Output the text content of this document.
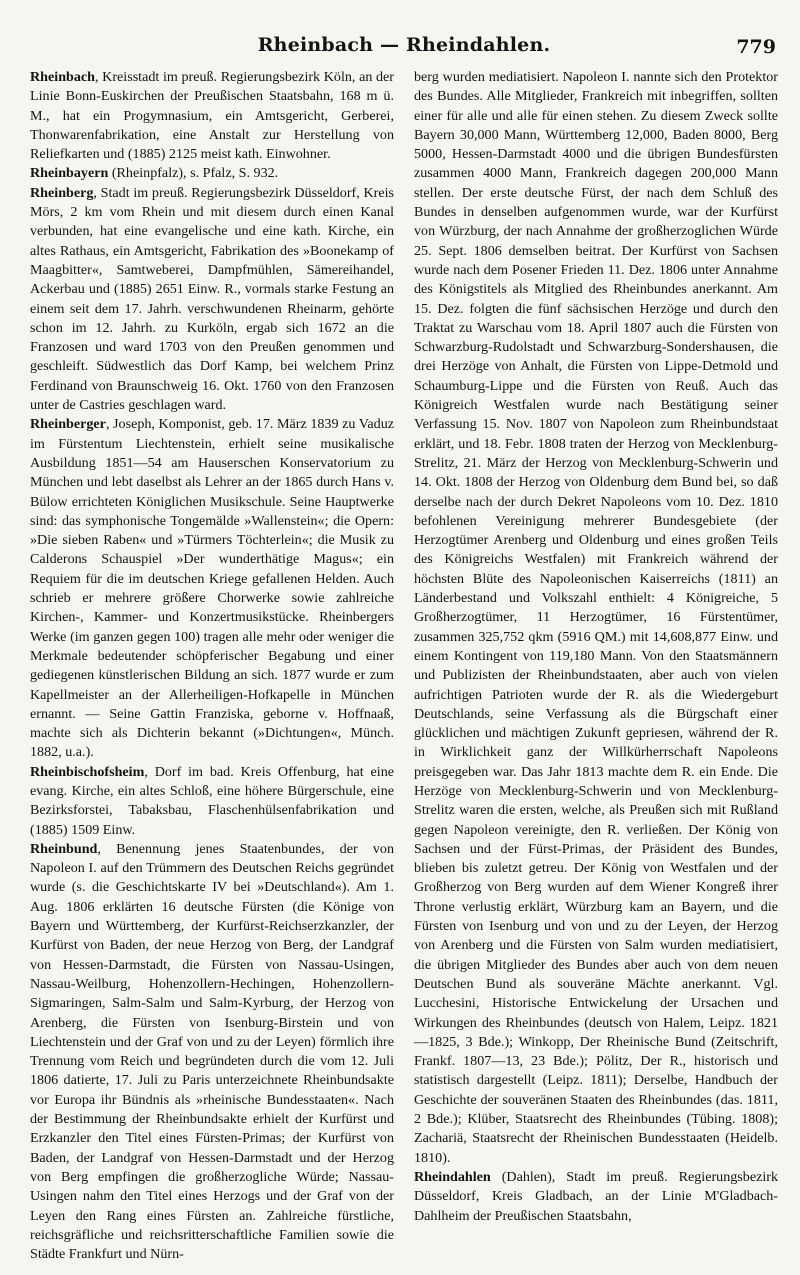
Rheinbach — Rheindahlen.	779

Rheinbach, Kreisstadt im preuß. Regierungsbezirk Köln, an der Linie Bonn-Euskirchen der Preußischen Staatsbahn, 168 m ü. M., hat ein Progymnasium, ein Amtsgericht, Gerberei, Thonwarenfabrikation, eine Anstalt zur Herstellung von Reliefkarten und (1885) 2125 meist kath. Einwohner.

Rheinbayern (Rheinpfalz), s. Pfalz, S. 932.

Rheinberg, Stadt im preuß. Regierungsbezirk Düsseldorf, Kreis Mörs, 2 km vom Rhein und mit diesem durch einen Kanal verbunden, hat eine evangelische und eine kath. Kirche, ein altes Rathaus, ein Amtsgericht, Fabrikation des »Boonekamp of Maagbitter«, Samtweberei, Dampfmühlen, Sämereihandel, Ackerbau und (1885) 2651 Einw. R., vormals starke Festung an einem seit dem 17. Jahrh. verschwundenen Rheinarm, gehörte schon im 12. Jahrh. zu Kurköln, ergab sich 1672 an die Franzosen und ward 1703 von den Preußen genommen und geschleift. Südwestlich das Dorf Kamp, bei welchem Prinz Ferdinand von Braunschweig 16. Okt. 1760 von den Franzosen unter de Castries geschlagen ward.

Rheinberger, Joseph, Komponist, geb. 17. März 1839 zu Vaduz im Fürstentum Liechtenstein, erhielt seine musikalische Ausbildung 1851—54 am Hauserschen Konservatorium zu München und lebt daselbst als Lehrer an der 1865 durch Hans v. Bülow errichteten Königlichen Musikschule. Seine Hauptwerke sind: das symphonische Tongemälde »Wallenstein«; die Opern: »Die sieben Raben« und »Türmers Töchterlein«; die Musik zu Calderons Schauspiel »Der wunderthätige Magus«; ein Requiem für die im deutschen Kriege gefallenen Helden. Auch schrieb er mehrere größere Chorwerke sowie zahlreiche Kirchen-, Kammer- und Konzertmusikstücke. Rheinbergers Werke (im ganzen gegen 100) tragen alle mehr oder weniger die Merkmale bedeutender schöpferischer Begabung und einer gediegenen künstlerischen Bildung an sich. 1877 wurde er zum Kapellmeister an der Allerheiligen-Hofkapelle in München ernannt. — Seine Gattin Franziska, geborne v. Hoffnaaß, machte sich als Dichterin bekannt (»Dichtungen«, Münch. 1882, u.a.).

Rheinbischofsheim, Dorf im bad. Kreis Offenburg, hat eine evang. Kirche, ein altes Schloß, eine höhere Bürgerschule, eine Bezirksforstei, Tabaksbau, Flaschenhülsenfabrikation und (1885) 1509 Einw.

Rheinbund, Benennung jenes Staatenbundes, der von Napoleon I. auf den Trümmern des Deutschen Reichs gegründet wurde (s. die Geschichtskarte IV bei »Deutschland«). Am 1. Aug. 1806 erklärten 16 deutsche Fürsten (die Könige von Bayern und Württemberg, der Kurfürst-Reichserzkanzler, der Kurfürst von Baden, der neue Herzog von Berg, der Landgraf von Hessen-Darmstadt, die Fürsten von Nassau-Usingen, Nassau-Weilburg, Hohenzollern-Hechingen, Hohenzollern-Sigmaringen, Salm-Salm und Salm-Kyrburg, der Herzog von Arenberg, die Fürsten von Isenburg-Birstein und von Liechtenstein und der Graf von und zu der Leyen) förmlich ihre Trennung vom Reich und begründeten durch die vom 12. Juli 1806 datierte, 17. Juli zu Paris unterzeichnete Rheinbundsakte vor Europa ihr Bündnis als »rheinische Bundesstaaten«. Nach der Bestimmung der Rheinbundsakte erhielt der Kurfürst und Erzkanzler den Titel eines Fürsten-Primas; der Kurfürst von Baden, der Landgraf von Hessen-Darmstadt und der Herzog von Berg empfingen die großherzogliche Würde; Nassau-Usingen nahm den Titel eines Herzogs und der Graf von der Leyen den Rang eines Fürsten an. Zahlreiche fürstliche, reichsgräfliche und reichsritterschaftliche Familien sowie die Städte Frankfurt und Nürn-

berg wurden mediatisiert. Napoleon I. nannte sich den Protektor des Bundes. Alle Mitglieder, Frankreich mit inbegriffen, sollten einer für alle und alle für einen stehen. Zu diesem Zweck sollte Bayern 30,000 Mann, Württemberg 12,000, Baden 8000, Berg 5000, Hessen-Darmstadt 4000 und die übrigen Bundesfürsten zusammen 4000 Mann, Frankreich dagegen 200,000 Mann stellen. Der erste deutsche Fürst, der nach dem Schluß des Bundes in denselben aufgenommen wurde, war der Kurfürst von Würzburg, der nach Annahme der großherzoglichen Würde 25. Sept. 1806 demselben beitrat. Der Kurfürst von Sachsen wurde nach dem Posener Frieden 11. Dez. 1806 unter Annahme des Königstitels als Mitglied des Rheinbundes anerkannt. Am 15. Dez. folgten die fünf sächsischen Herzöge und durch den Traktat zu Warschau vom 18. April 1807 auch die Fürsten von Schwarzburg-Rudolstadt und Schwarzburg-Sondershausen, die drei Herzöge von Anhalt, die Fürsten von Lippe-Detmold und Schaumburg-Lippe und die Fürsten von Reuß. Auch das Königreich Westfalen wurde nach Bestätigung seiner Verfassung 15. Nov. 1807 von Napoleon zum Rheinbundstaat erklärt, und 18. Febr. 1808 traten der Herzog von Mecklenburg-Strelitz, 21. März der Herzog von Mecklenburg-Schwerin und 14. Okt. 1808 der Herzog von Oldenburg dem Bund bei, so daß derselbe nach der durch Dekret Napoleons vom 10. Dez. 1810 befohlenen Vereinigung mehrerer Bundesgebiete (der Herzogtümer Arenberg und Oldenburg und eines großen Teils des Königreichs Westfalen) mit Frankreich während der höchsten Blüte des Napoleonischen Kaiserreichs (1811) an Länderbestand und Volkszahl enthielt: 4 Königreiche, 5 Großherzogtümer, 11 Herzogtümer, 16 Fürstentümer, zusammen 325,752 qkm (5916 QM.) mit 14,608,877 Einw. und einem Kontingent von 119,180 Mann. Von den Staatsmännern und Publizisten der Rheinbundstaaten, aber auch von vielen aufrichtigen Patrioten wurde der R. als die Wiedergeburt Deutschlands, seine Verfassung als die Bürgschaft einer glücklichen und mächtigen Zukunft gepriesen, während der R. in Wirklichkeit ganz der Willkürherrschaft Napoleons preisgegeben war. Das Jahr 1813 machte dem R. ein Ende. Die Herzöge von Mecklenburg-Schwerin und von Mecklenburg-Strelitz waren die ersten, welche, als Preußen sich mit Rußland gegen Napoleon vereinigte, den R. verließen. Der König von Sachsen und der Fürst-Primas, der Präsident des Bundes, blieben bis zuletzt getreu. Der König von Westfalen und der Großherzog von Berg wurden auf dem Wiener Kongreß ihrer Throne verlustig erklärt, Würzburg kam an Bayern, und die Fürsten von Isenburg und von und zu der Leyen, der Herzog von Arenberg und die Fürsten von Salm wurden mediatisiert, die übrigen Mitglieder des Bundes aber auch von dem neuen Deutschen Bund als souveräne Mächte anerkannt. Vgl. Lucchesini, Historische Entwickelung der Ursachen und Wirkungen des Rheinbundes (deutsch von Halem, Leipz. 1821—1825, 3 Bde.); Winkopp, Der Rheinische Bund (Zeitschrift, Frankf. 1807—13, 23 Bde.); Pölitz, Der R., historisch und statistisch dargestellt (Leipz. 1811); Derselbe, Handbuch der Geschichte der souveränen Staaten des Rheinbundes (das. 1811, 2 Bde.); Klüber, Staatsrecht des Rheinbundes (Tübing. 1808); Zachariä, Staatsrecht der Rheinischen Bundesstaaten (Heidelb. 1810).

Rheindahlen (Dahlen), Stadt im preuß. Regierungsbezirk Düsseldorf, Kreis Gladbach, an der Linie M'Gladbach-Dahlheim der Preußischen Staatsbahn,
